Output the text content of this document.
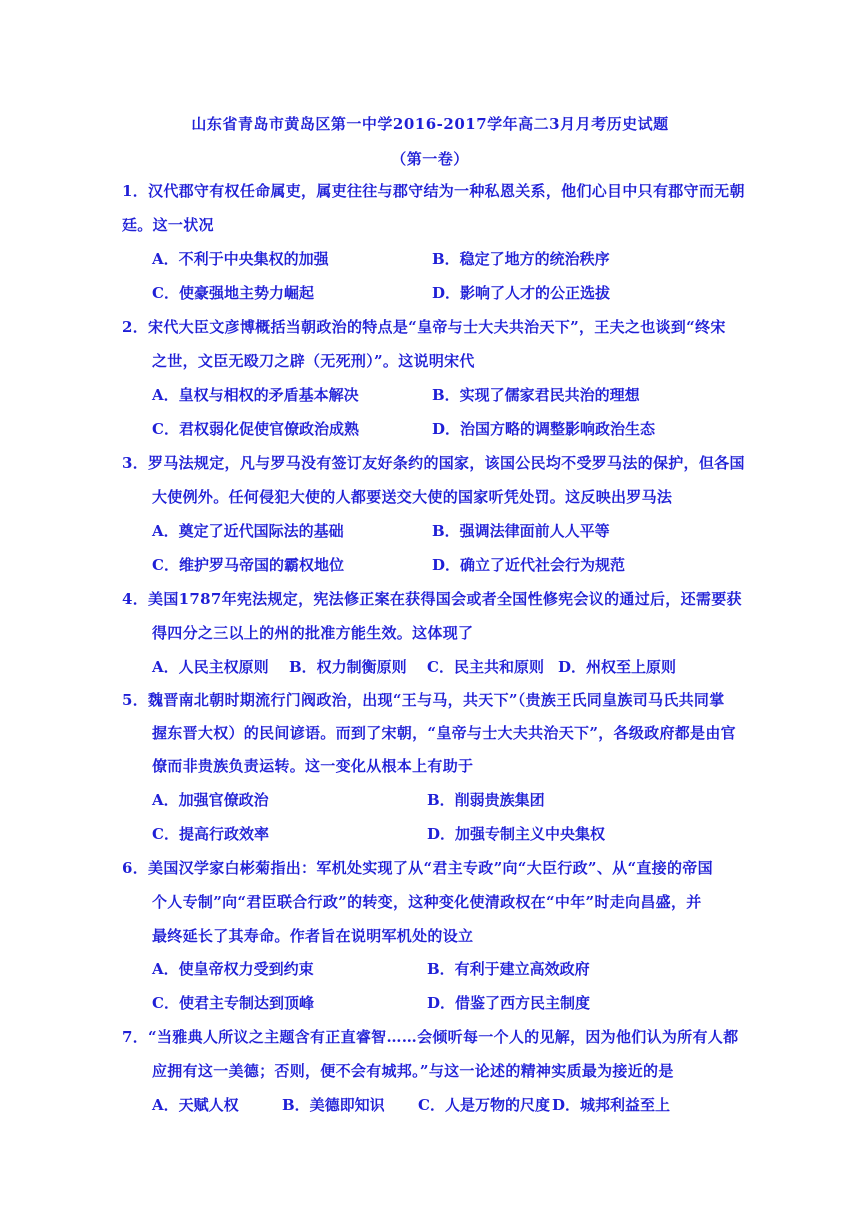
山东省青岛市黄岛区第一中学2016-2017学年高二3月月考历史试题
（第一卷）
1．汉代郡守有权任命属吏，属吏往往与郡守结为一种私恩关系，他们心目中只有郡守而无朝
廷。这一状况
A．不利于中央集权的加强	B．稳定了地方的统治秩序
C．使豪强地主势力崛起	D．影响了人才的公正选拔
2．宋代大臣文彦博概括当朝政治的特点是“皇帝与士大夫共治天下”，王夫之也谈到“终宋
之世，文臣无殴刀之辟（无死刑）”。这说明宋代
A．皇权与相权的矛盾基本解决	B．实现了儒家君民共治的理想
C．君权弱化促使官僚政治成熟	D．治国方略的调整影响政治生态
3．罗马法规定，凡与罗马没有签订友好条约的国家，该国公民均不受罗马法的保护，但各国
大使例外。任何侵犯大使的人都要送交大使的国家听凭处罚。这反映出罗马法
A．奠定了近代国际法的基础	B．强调法律面前人人平等
C．维护罗马帝国的霸权地位	D．确立了近代社会行为规范
4．美国1787年宪法规定，宪法修正案在获得国会或者全国性修宪会议的通过后，还需要获
得四分之三以上的州的批准方能生效。这体现了
A．人民主权原则 B．权力制衡原则 C．民主共和原则 D．州权至上原则
5．魏晋南北朝时期流行门阀政治，出现“王与马，共天下”（贵族王氏同皇族司马氏共同掌
握东晋大权）的民间谚语。而到了宋朝，“皇帝与士大夫共治天下”，各级政府都是由官
僚而非贵族负责运转。这一变化从根本上有助于
A．加强官僚政治	B．削弱贵族集团
C．提高行政效率	D．加强专制主义中央集权
6．美国汉学家白彬菊指出：军机处实现了从“君主专政”向“大臣行政”、从“直接的帝国
个人专制”向“君臣联合行政”的转变，这种变化使清政权在“中年”时走向昌盛，并
最终延长了其寿命。作者旨在说明军机处的设立
A．使皇帝权力受到约束	B．有利于建立高效政府
C．使君主专制达到顶峰	D．借鉴了西方民主制度
7．“当雅典人所议之主题含有正直睿智……会倾听每一个人的见解，因为他们认为所有人都
应拥有这一美德；否则，便不会有城邦。”与这一论述的精神实质最为接近的是
A．天赋人权	B．美德即知识 C．人是万物的尺度 D．城邦利益至上
